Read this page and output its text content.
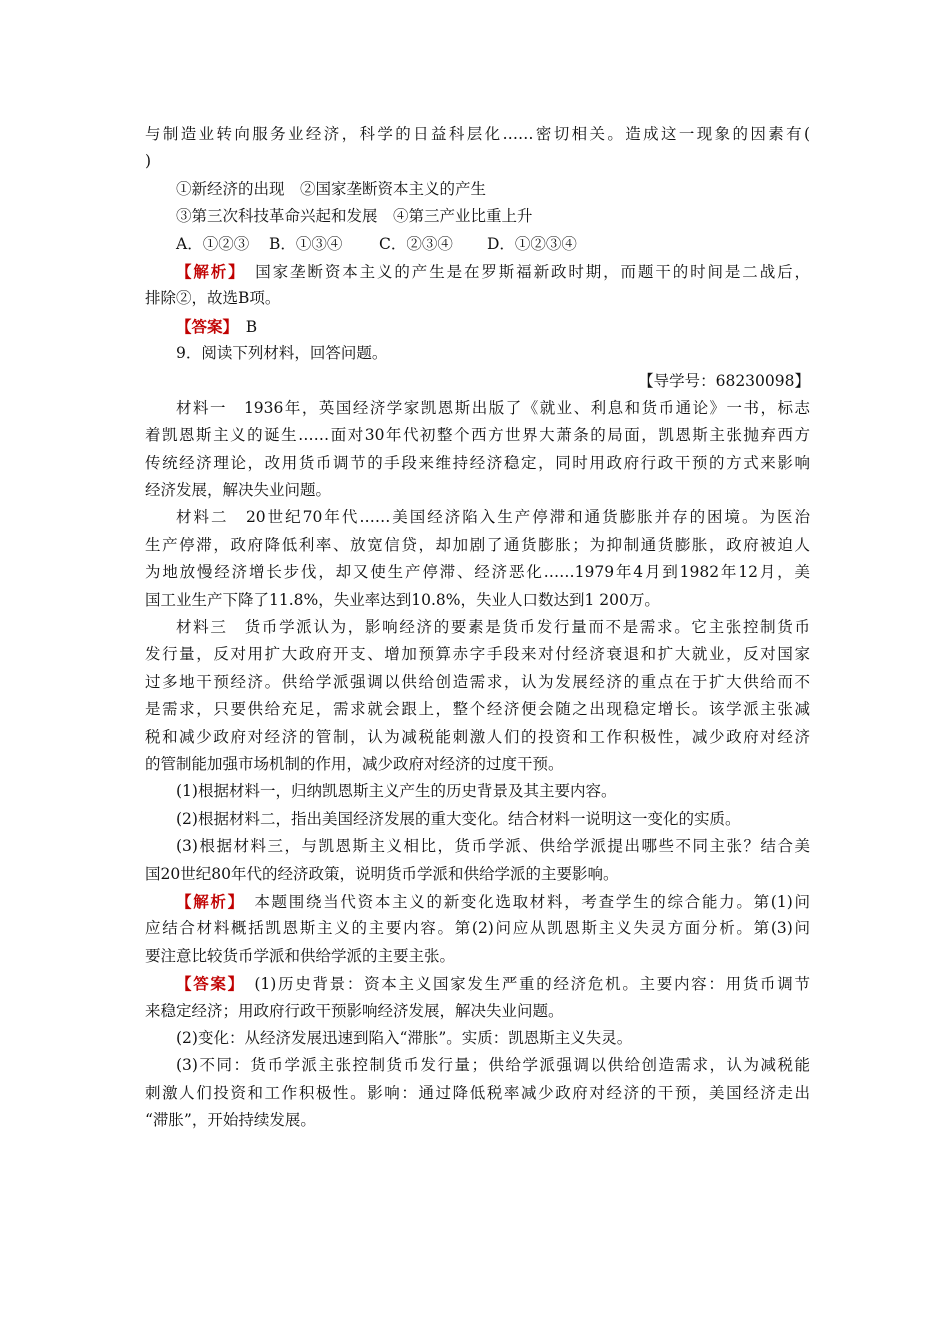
与制造业转向服务业经济，科学的日益科层化……密切相关。造成这一现象的因素有(
)
①新经济的出现　②国家垄断资本主义的产生
③第三次科技革命兴起和发展　④第三产业比重上升
A．①②③ B．①③④ C．②③④ D．①②③④
【解析】　 国家垄断资本主义的产生是在罗斯福新政时期，而题干的时间是二战后，
排除②，故选B项。
【答案】　 B
9．阅读下列材料，回答问题。
【导学号：68230098】
材料一　1936年，英国经济学家凯恩斯出版了《就业、利息和货币通论》一书，标志
着凯恩斯主义的诞生……面对30年代初整个西方世界大萧条的局面，凯恩斯主张抛弃西方
传统经济理论，改用货币调节的手段来维持经济稳定，同时用政府行政干预的方式来影响
经济发展，解决失业问题。
材料二　20世纪70年代……美国经济陷入生产停滞和通货膨胀并存的困境。为医治
生产停滞，政府降低利率、放宽信贷，却加剧了通货膨胀；为抑制通货膨胀，政府被迫人
为地放慢经济增长步伐，却又使生产停滞、经济恶化……1979年4月到1982年12月，美
国工业生产下降了11.8%，失业率达到10.8%，失业人口数达到1 200万。
材料三　货币学派认为，影响经济的要素是货币发行量而不是需求。它主张控制货币
发行量，反对用扩大政府开支、增加预算赤字手段来对付经济衰退和扩大就业，反对国家
过多地干预经济。供给学派强调以供给创造需求，认为发展经济的重点在于扩大供给而不
是需求，只要供给充足，需求就会跟上，整个经济便会随之出现稳定增长。该学派主张减
税和减少政府对经济的管制，认为减税能刺激人们的投资和工作积极性，减少政府对经济
的管制能加强市场机制的作用，减少政府对经济的过度干预。
(1)根据材料一，归纳凯恩斯主义产生的历史背景及其主要内容。
(2)根据材料二，指出美国经济发展的重大变化。结合材料一说明这一变化的实质。
(3)根据材料三，与凯恩斯主义相比，货币学派、供给学派提出哪些不同主张？结合美
国20世纪80年代的经济政策，说明货币学派和供给学派的主要影响。
【解析】　 本题围绕当代资本主义的新变化选取材料，考查学生的综合能力。第(1)问
应结合材料概括凯恩斯主义的主要内容。第(2)问应从凯恩斯主义失灵方面分析。第(3)问
要注意比较货币学派和供给学派的主要主张。
【答案】　 (1)历史背景：资本主义国家发生严重的经济危机。主要内容：用货币调节
来稳定经济；用政府行政干预影响经济发展，解决失业问题。
(2)变化：从经济发展迅速到陷入“滞胀”。实质：凯恩斯主义失灵。
(3)不同：货币学派主张控制货币发行量；供给学派强调以供给创造需求，认为减税能
刺激人们投资和工作积极性。影响：通过降低税率减少政府对经济的干预，美国经济走出
“滞胀”，开始持续发展。
